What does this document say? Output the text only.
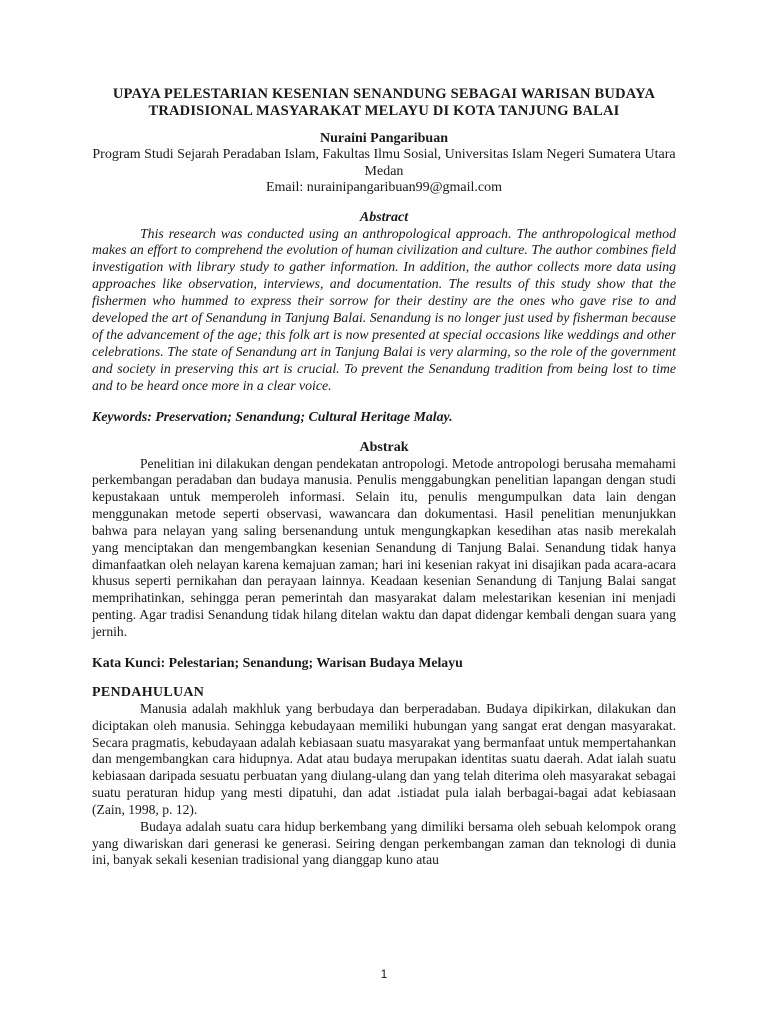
UPAYA PELESTARIAN KESENIAN SENANDUNG SEBAGAI WARISAN BUDAYA TRADISIONAL MASYARAKAT MELAYU DI KOTA TANJUNG BALAI

Nuraini Pangaribuan

Program Studi Sejarah Peradaban Islam, Fakultas Ilmu Sosial, Universitas Islam Negeri Sumatera Utara Medan

Email: nurainipangaribuan99@gmail.com

Abstract

This research was conducted using an anthropological approach. The anthropological method makes an effort to comprehend the evolution of human civilization and culture. The author combines field investigation with library study to gather information. In addition, the author collects more data using approaches like observation, interviews, and documentation. The results of this study show that the fishermen who hummed to express their sorrow for their destiny are the ones who gave rise to and developed the art of Senandung in Tanjung Balai. Senandung is no longer just used by fisherman because of the advancement of the age; this folk art is now presented at special occasions like weddings and other celebrations. The state of Senandung art in Tanjung Balai is very alarming, so the role of the government and society in preserving this art is crucial. To prevent the Senandung tradition from being lost to time and to be heard once more in a clear voice.

Keywords: Preservation; Senandung; Cultural Heritage Malay.
Abstrak

Penelitian ini dilakukan dengan pendekatan antropologi. Metode antropologi berusaha memahami perkembangan peradaban dan budaya manusia. Penulis menggabungkan penelitian lapangan dengan studi kepustakaan untuk memperoleh informasi. Selain itu, penulis mengumpulkan data lain dengan menggunakan metode seperti observasi, wawancara dan dokumentasi. Hasil penelitian menunjukkan bahwa para nelayan yang saling bersenandung untuk mengungkapkan kesedihan atas nasib merekalah yang menciptakan dan mengembangkan kesenian Senandung di Tanjung Balai. Senandung tidak hanya dimanfaatkan oleh nelayan karena kemajuan zaman; hari ini kesenian rakyat ini disajikan pada acara-acara khusus seperti pernikahan dan perayaan lainnya. Keadaan kesenian Senandung di Tanjung Balai sangat memprihatinkan, sehingga peran pemerintah dan masyarakat dalam melestarikan kesenian ini menjadi penting. Agar tradisi Senandung tidak hilang ditelan waktu dan dapat didengar kembali dengan suara yang jernih.

Kata Kunci: Pelestarian; Senandung; Warisan Budaya Melayu
PENDAHULUAN

Manusia adalah makhluk yang berbudaya dan berperadaban. Budaya dipikirkan, dilakukan dan diciptakan oleh manusia. Sehingga kebudayaan memiliki hubungan yang sangat erat dengan masyarakat. Secara pragmatis, kebudayaan adalah kebiasaan suatu masyarakat yang bermanfaat untuk mempertahankan dan mengembangkan cara hidupnya. Adat atau budaya merupakan identitas suatu daerah. Adat ialah suatu kebiasaan daripada sesuatu perbuatan yang diulang-ulang dan yang telah diterima oleh masyarakat sebagai suatu peraturan hidup yang mesti dipatuhi, dan adat .istiadat pula ialah berbagai-bagai adat kebiasaan (Zain, 1998, p. 12).

Budaya adalah suatu cara hidup berkembang yang dimiliki bersama oleh sebuah kelompok orang yang diwariskan dari generasi ke generasi. Seiring dengan perkembangan zaman dan teknologi di dunia ini, banyak sekali kesenian tradisional yang dianggap kuno atau

1
